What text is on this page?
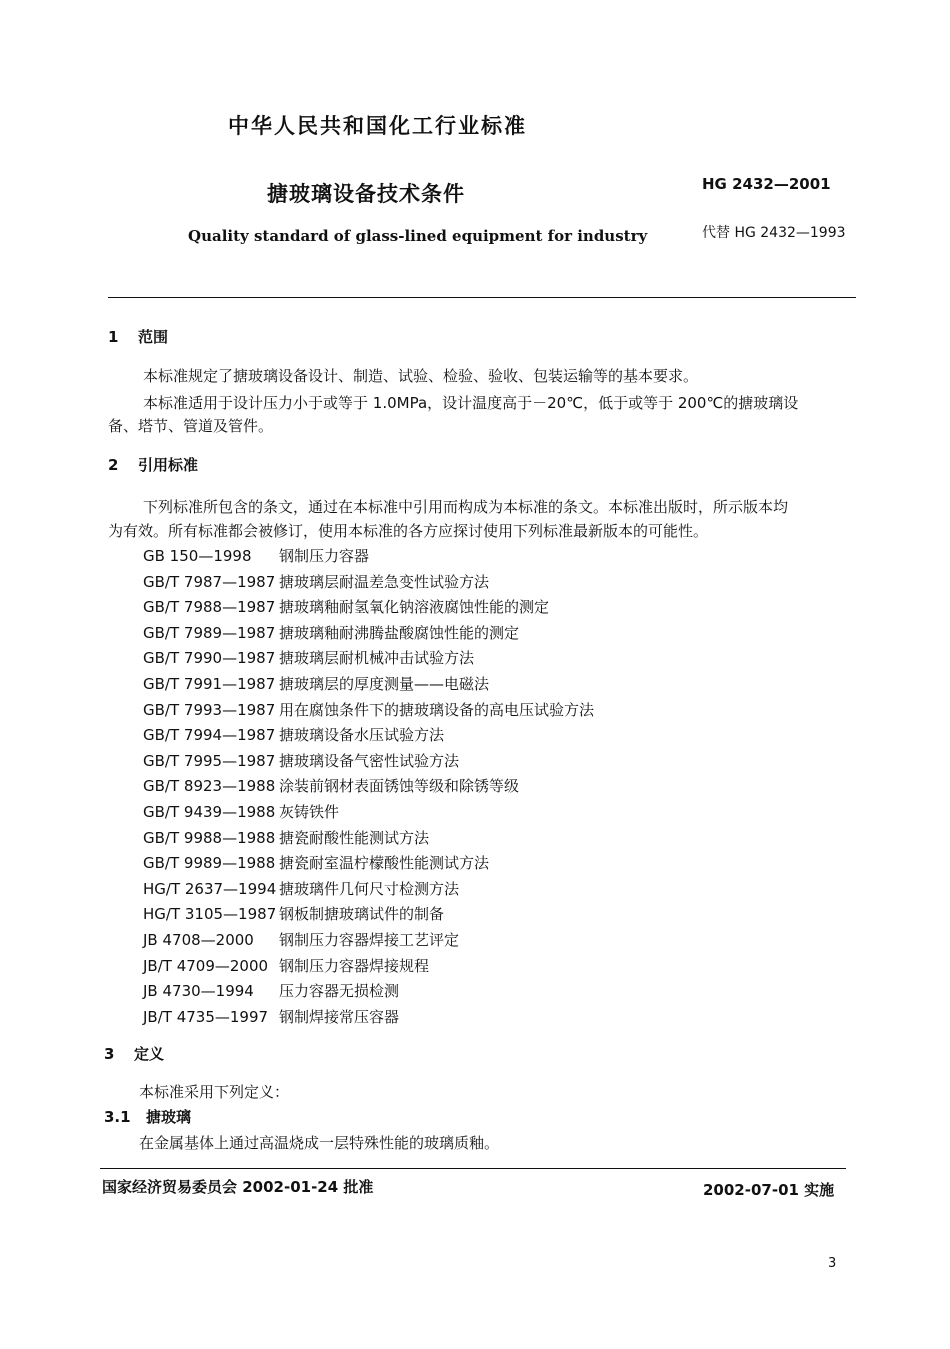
中华人民共和国化工行业标准
搪玻璃设备技术条件
Quality standard of glass-lined equipment for industry
HG 2432—2001
代替 HG 2432—1993
1 范围
本标准规定了搪玻璃设备设计、制造、试验、检验、验收、包装运输等的基本要求。
本标准适用于设计压力小于或等于 1.0MPa，设计温度高于－20℃，低于或等于 200℃的搪玻璃设
备、塔节、管道及管件。
2 引用标准
下列标准所包含的条文，通过在本标准中引用而构成为本标准的条文。本标准出版时，所示版本均
为有效。所有标准都会被修订，使用本标准的各方应探讨使用下列标准最新版本的可能性。
GB 150—1998 钢制压力容器
GB/T 7987—1987 搪玻璃层耐温差急变性试验方法
GB/T 7988—1987 搪玻璃釉耐氢氧化钠溶液腐蚀性能的测定
GB/T 7989—1987 搪玻璃釉耐沸腾盐酸腐蚀性能的测定
GB/T 7990—1987 搪玻璃层耐机械冲击试验方法
GB/T 7991—1987 搪玻璃层的厚度测量——电磁法
GB/T 7993—1987 用在腐蚀条件下的搪玻璃设备的高电压试验方法
GB/T 7994—1987 搪玻璃设备水压试验方法
GB/T 7995—1987 搪玻璃设备气密性试验方法
GB/T 8923—1988 涂装前钢材表面锈蚀等级和除锈等级
GB/T 9439—1988 灰铸铁件
GB/T 9988—1988 搪瓷耐酸性能测试方法
GB/T 9989—1988 搪瓷耐室温柠檬酸性能测试方法
HG/T 2637—1994 搪玻璃件几何尺寸检测方法
HG/T 3105—1987 钢板制搪玻璃试件的制备
JB 4708—2000 钢制压力容器焊接工艺评定
JB/T 4709—2000 钢制压力容器焊接规程
JB 4730—1994 压力容器无损检测
JB/T 4735—1997 钢制焊接常压容器
3 定义
本标准采用下列定义：
3.1 搪玻璃
在金属基体上通过高温烧成一层特殊性能的玻璃质釉。
国家经济贸易委员会 2002-01-24 批准	2002-07-01 实施
3
